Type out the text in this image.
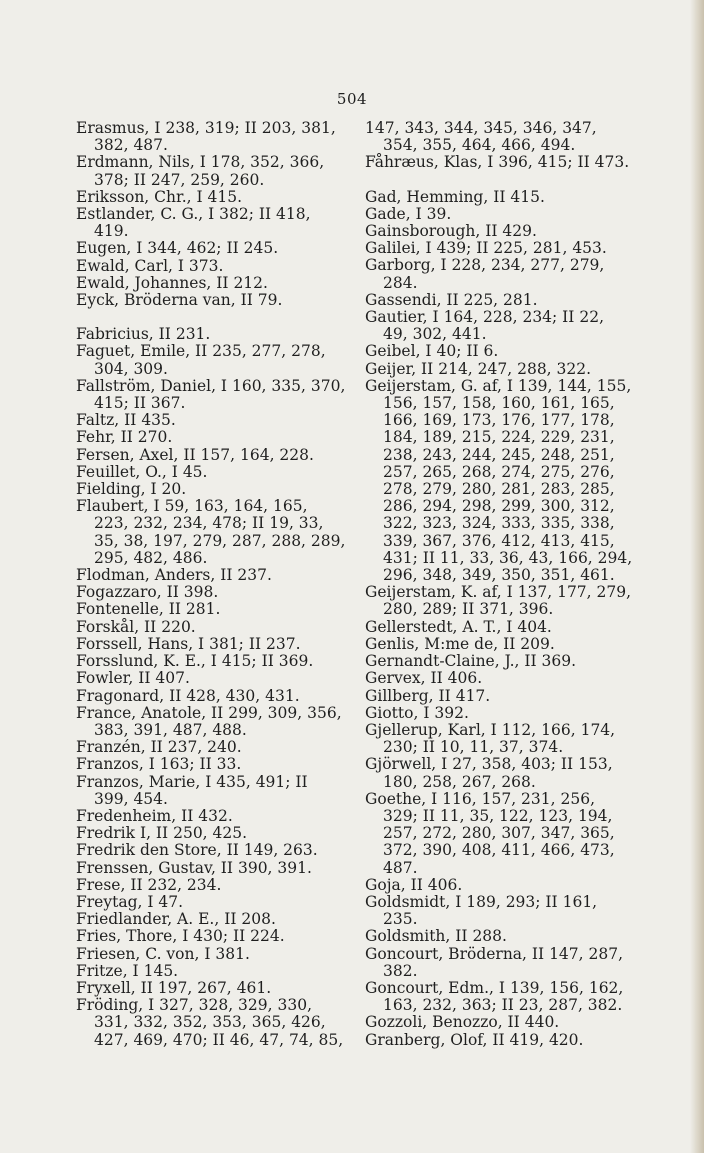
504
Erasmus, I 238, 319; II 203, 381, 382, 487.
Erdmann, Nils, I 178, 352, 366, 378; II 247, 259, 260.
Eriksson, Chr., I 415.
Estlander, C. G., I 382; II 418, 419.
Eugen, I 344, 462; II 245.
Ewald, Carl, I 373.
Ewald, Johannes, II 212.
Eyck, Bröderna van, II 79.
Fabricius, II 231.
Faguet, Emile, II 235, 277, 278, 304, 309.
Fallström, Daniel, I 160, 335, 370, 415; II 367.
Faltz, II 435.
Fehr, II 270.
Fersen, Axel, II 157, 164, 228.
Feuillet, O., I 45.
Fielding, I 20.
Flaubert, I 59, 163, 164, 165, 223, 232, 234, 478; II 19, 33, 35, 38, 197, 279, 287, 288, 289, 295, 482, 486.
Flodman, Anders, II 237.
Fogazzaro, II 398.
Fontenelle, II 281.
Forskål, II 220.
Forssell, Hans, I 381; II 237.
Forsslund, K. E., I 415; II 369.
Fowler, II 407.
Fragonard, II 428, 430, 431.
France, Anatole, II 299, 309, 356, 383, 391, 487, 488.
Franzén, II 237, 240.
Franzos, I 163; II 33.
Franzos, Marie, I 435, 491; II 399, 454.
Fredenheim, II 432.
Fredrik I, II 250, 425.
Fredrik den Store, II 149, 263.
Frenssen, Gustav, II 390, 391.
Frese, II 232, 234.
Freytag, I 47.
Friedlander, A. E., II 208.
Fries, Thore, I 430; II 224.
Friesen, C. von, I 381.
Fritze, I 145.
Fryxell, II 197, 267, 461.
Fröding, I 327, 328, 329, 330, 331, 332, 352, 353, 365, 426, 427, 469, 470; II 46, 47, 74, 85,
147, 343, 344, 345, 346, 347, 354, 355, 464, 466, 494.
Fåhræus, Klas, I 396, 415; II 473.
Gad, Hemming, II 415.
Gade, I 39.
Gainsborough, II 429.
Galilei, I 439; II 225, 281, 453.
Garborg, I 228, 234, 277, 279, 284.
Gassendi, II 225, 281.
Gautier, I 164, 228, 234; II 22, 49, 302, 441.
Geibel, I 40; II 6.
Geijer, II 214, 247, 288, 322.
Geijerstam, G. af, I 139, 144, 155, 156, 157, 158, 160, 161, 165, 166, 169, 173, 176, 177, 178, 184, 189, 215, 224, 229, 231, 238, 243, 244, 245, 248, 251, 257, 265, 268, 274, 275, 276, 278, 279, 280, 281, 283, 285, 286, 294, 298, 299, 300, 312, 322, 323, 324, 333, 335, 338, 339, 367, 376, 412, 413, 415, 431; II 11, 33, 36, 43, 166, 294, 296, 348, 349, 350, 351, 461.
Geijerstam, K. af, I 137, 177, 279, 280, 289; II 371, 396.
Gellerstedt, A. T., I 404.
Genlis, M:me de, II 209.
Gernandt-Claine, J., II 369.
Gervex, II 406.
Gillberg, II 417.
Giotto, I 392.
Gjellerup, Karl, I 112, 166, 174, 230; II 10, 11, 37, 374.
Gjörwell, I 27, 358, 403; II 153, 180, 258, 267, 268.
Goethe, I 116, 157, 231, 256, 329; II 11, 35, 122, 123, 194, 257, 272, 280, 307, 347, 365, 372, 390, 408, 411, 466, 473, 487.
Goja, II 406.
Goldsmidt, I 189, 293; II 161, 235.
Goldsmith, II 288.
Goncourt, Bröderna, II 147, 287, 382.
Goncourt, Edm., I 139, 156, 162, 163, 232, 363; II 23, 287, 382.
Gozzoli, Benozzo, II 440.
Granberg, Olof, II 419, 420.
